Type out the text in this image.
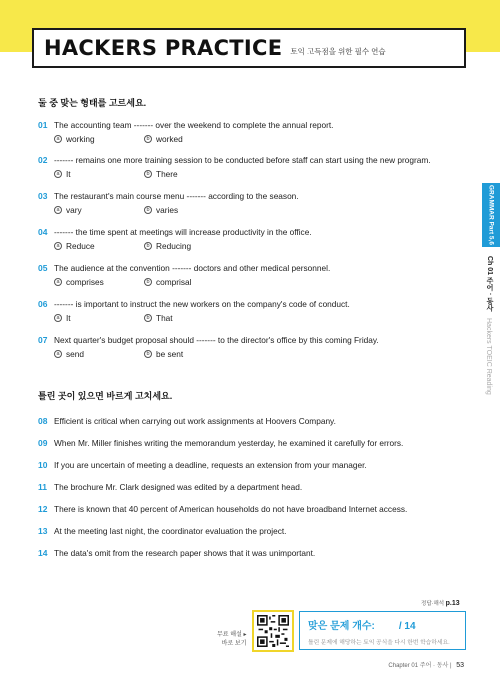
HACKERS PRACTICE 토익 고득점을 위한 필수 연습
둘 중 맞는 형태를 고르세요.
01 The accounting team ------- over the weekend to complete the annual report.
a working	b worked
02 ------- remains one more training session to be conducted before staff can start using the new program.
a It	b There
03 The restaurant's main course menu ------- according to the season.
a vary	b varies
04 ------- the time spent at meetings will increase productivity in the office.
a Reduce	b Reducing
05 The audience at the convention ------- doctors and other medical personnel.
a comprises	b comprisal
06 ------- is important to instruct the new workers on the company's code of conduct.
a It	b That
07 Next quarter's budget proposal should ------- to the director's office by this coming Friday.
a send	b be sent
틀린 곳이 있으면 바르게 고치세요.
08 Efficient is critical when carrying out work assignments at Hoovers Company.
09 When Mr. Miller finishes writing the memorandum yesterday, he examined it carefully for errors.
10 If you are uncertain of meeting a deadline, requests an extension from your manager.
11 The brochure Mr. Clark designed was edited by a department head.
12 There is known that 40 percent of American households do not have broadband Internet access.
13 At the meeting last night, the coordinator evaluation the project.
14 The data's omit from the research paper shows that it was unimportant.
GRAMMAR Part 5,6
Ch 01 주어 · 동사
Hackers TOEIC Reading
정답·해석 p.13
무료 해설 ▸
바로 보기
맞은 문제 개수: / 14
틀린 문제에 해당하는 토익 공식을 다시 한번 학습하세요.
Chapter 01 주어 · 동사 | 53
